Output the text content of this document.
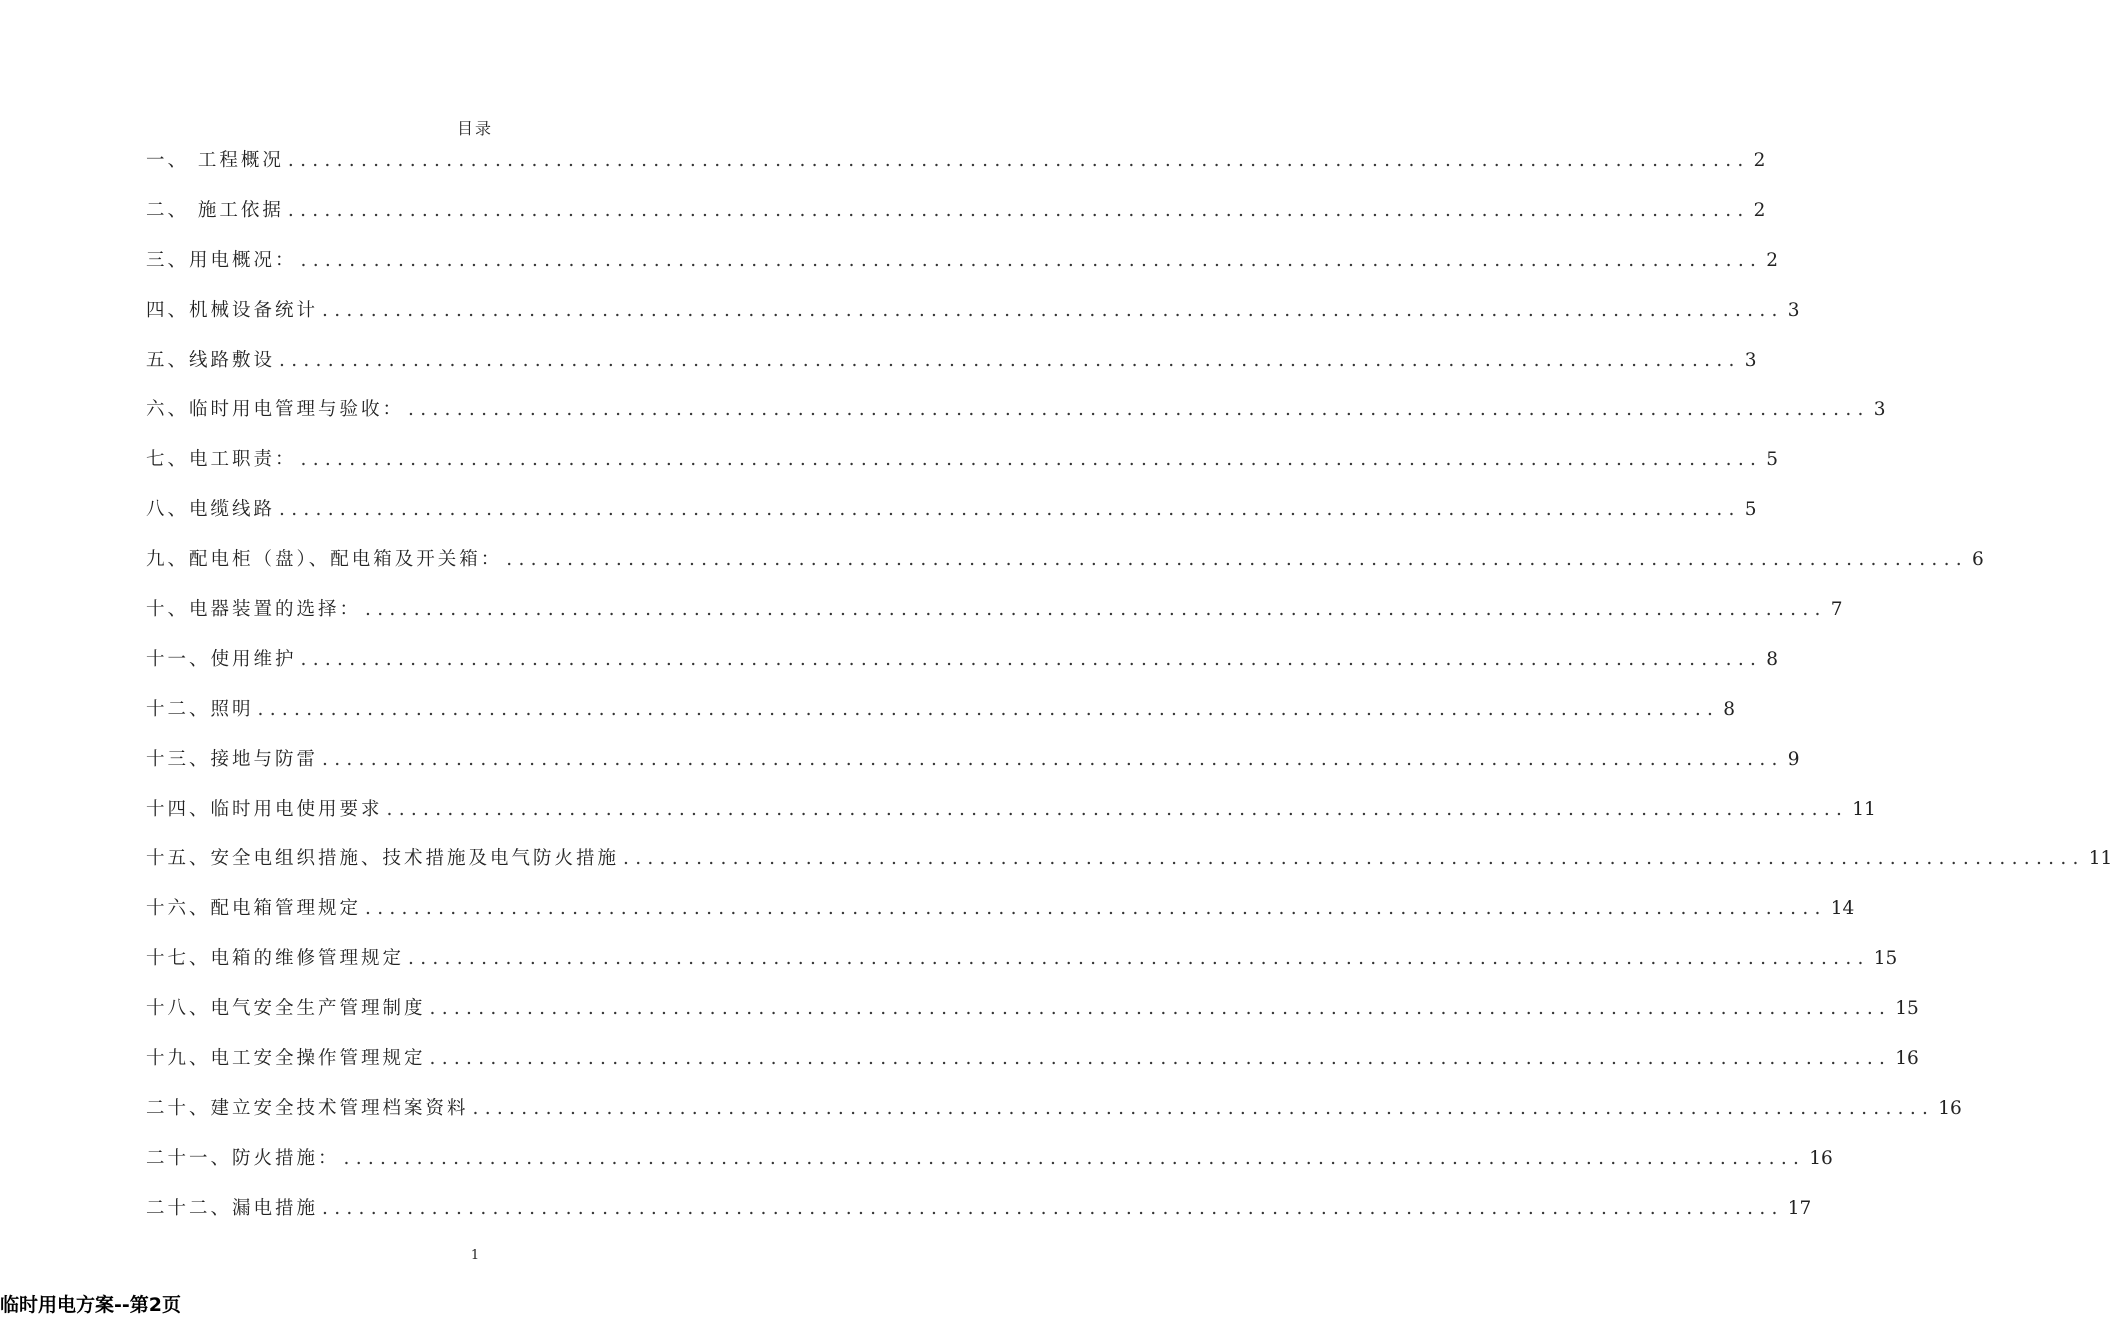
目录
一、 工程概况 ........................................................................................................................ 2
二、 施工依据 ........................................................................................................................ 2
三、用电概况： ........................................................................................................................ 2
四、机械设备统计 ........................................................................................................................ 3
五、线路敷设 ........................................................................................................................ 3
六、临时用电管理与验收： ........................................................................................................................ 3
七、电工职责： ........................................................................................................................ 5
八、电缆线路 ........................................................................................................................ 5
九、配电柜（盘）、配电箱及开关箱： ........................................................................................................................ 6
十、电器装置的选择： ........................................................................................................................ 7
十一、使用维护 ........................................................................................................................ 8
十二、照明 ........................................................................................................................ 8
十三、接地与防雷 ........................................................................................................................ 9
十四、临时用电使用要求 ........................................................................................................................ 11
十五、安全电组织措施、技术措施及电气防火措施 ........................................................................................................................ 11
十六、配电箱管理规定 ........................................................................................................................ 14
十七、电箱的维修管理规定 ........................................................................................................................ 15
十八、电气安全生产管理制度 ........................................................................................................................ 15
十九、电工安全操作管理规定 ........................................................................................................................ 16
二十、建立安全技术管理档案资料 ........................................................................................................................ 16
二十一、防火措施： ........................................................................................................................ 16
二十二、漏电措施 ........................................................................................................................ 17
1
临时用电方案--第2页
